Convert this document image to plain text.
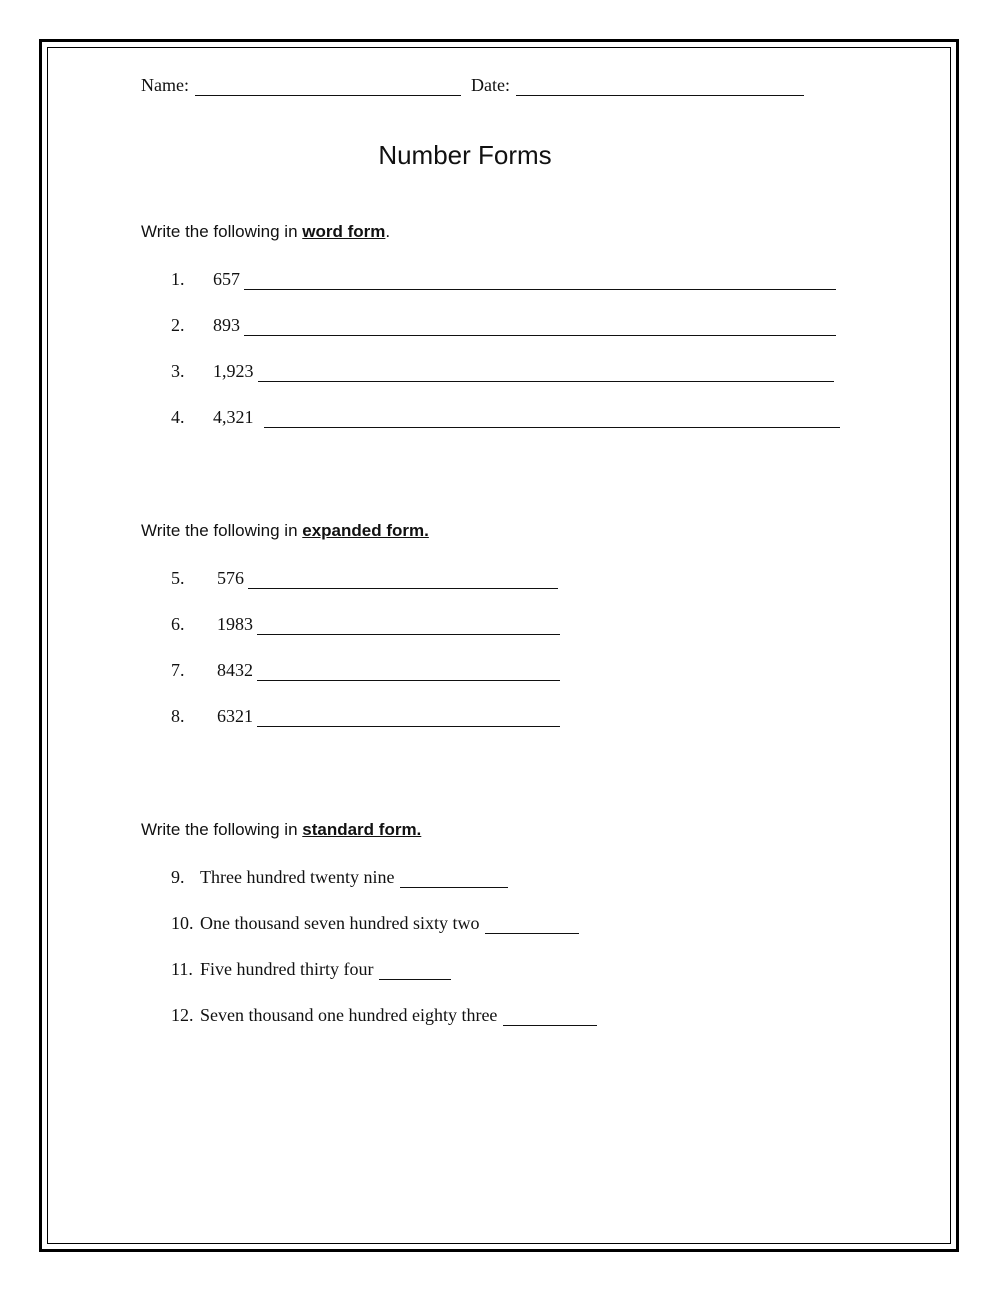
Name:	Date:
Number Forms
Write the following in word form.
1.	657
2.	893
3.	1,923
4.	4,321
Write the following in expanded form.
5.	576
6.	1983
7.	8432
8.	6321
Write the following in standard form.
9. Three hundred twenty nine
10. One thousand seven hundred sixty two
11. Five hundred thirty four
12. Seven thousand one hundred eighty three
